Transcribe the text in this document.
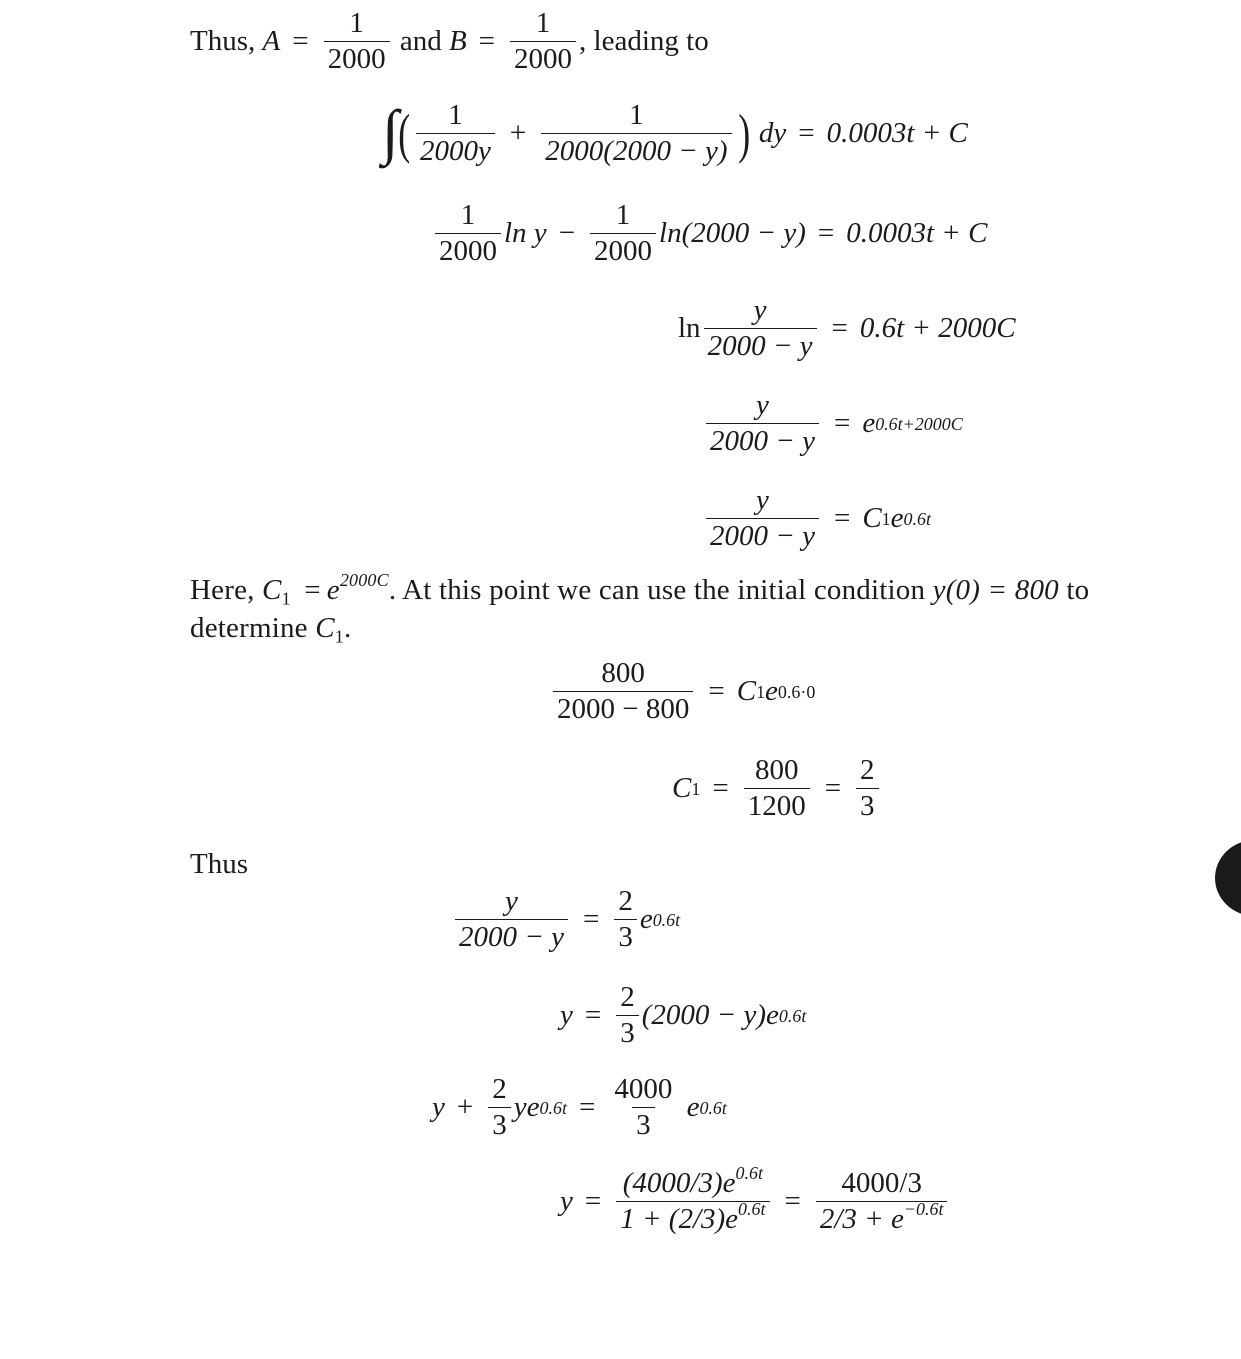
Thus,
$A = \frac{1}{2000}$
and
$B = \frac{1}{2000}$ , leading to
∫ ( $\frac{1}{2000y} + \frac{1}{2000(2000 - y)}$ ) dy = 0.0003t + C
$\frac{1}{2000}$ $\ln y - \frac{1}{2000} \ln(2000 - y) = 0.0003t + C$
$\ln \frac{y}{2000 - y} = 0.6t + 2000C$
$\frac{y}{2000 - y} = e$ 0.6t+2000C
$\frac{y}{2000 - y} = C$ 1 e 0.6t
Here, $C_1 = e^{2000C}$. At this point we can use the initial condition y(0) = 800 to
determine $C_1$.
$\frac{800}{2000 - 800} = C$ 1 e 0.6·0
C $1 = \frac{800}{1200} = \frac{2}{3}$
Thus
$\frac{y}{2000 - y} = \frac{2}{3}$ e 0.6t
$y = \frac{2}{3} (2000 - y)$ e 0.6t
$y + \frac{2}{3}$ ye $0.6t = \frac{4000}{3}$
e 0.6t
$y = \frac{(4000/3)e^{0.6t}}{1 + (2/3)e^{0.6t}} = \frac{4000/3}{2/3 + e^{-0.6t}}$
